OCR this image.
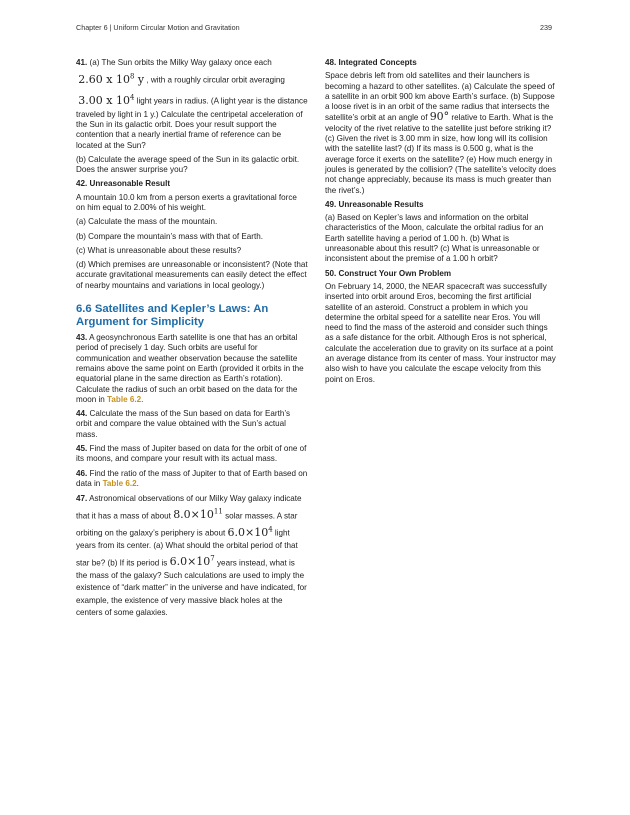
Chapter 6 | Uniform Circular Motion and Gravitation	239

41. (a) The Sun orbits the Milky Way galaxy once each
2.60 x $10^8$ y , with a roughly circular orbit averaging
3.00 x $10^4$ light years in radius. (A light year is the distance traveled by light in 1 y.) Calculate the centripetal acceleration of the Sun in its galactic orbit. Does your result support the contention that a nearly inertial frame of reference can be located at the Sun?

(b) Calculate the average speed of the Sun in its galactic orbit. Does the answer surprise you?

42. Unreasonable Result

A mountain 10.0 km from a person exerts a gravitational force on him equal to 2.00% of his weight.

(a) Calculate the mass of the mountain.

(b) Compare the mountain’s mass with that of Earth.

(c) What is unreasonable about these results?

(d) Which premises are unreasonable or inconsistent? (Note that accurate gravitational measurements can easily detect the effect of nearby mountains and variations in local geology.)

6.6 Satellites and Kepler’s Laws: An Argument for Simplicity

43. A geosynchronous Earth satellite is one that has an orbital period of precisely 1 day. Such orbits are useful for communication and weather observation because the satellite remains above the same point on Earth (provided it orbits in the equatorial plane in the same direction as Earth’s rotation). Calculate the radius of such an orbit based on the data for the moon in Table 6.2.

44. Calculate the mass of the Sun based on data for Earth’s orbit and compare the value obtained with the Sun’s actual mass.

45. Find the mass of Jupiter based on data for the orbit of one of its moons, and compare your result with its actual mass.

46. Find the ratio of the mass of Jupiter to that of Earth based on data in Table 6.2.

47. Astronomical observations of our Milky Way galaxy indicate that it has a mass of about $8.0\times 10^{11}$ solar masses. A star orbiting on the galaxy’s periphery is about $6.0\times 10^4$ light years from its center. (a) What should the orbital period of that star be? (b) If its period is $6.0\times 10^7$ years instead, what is the mass of the galaxy? Such calculations are used to imply the existence of “dark matter” in the universe and have indicated, for example, the existence of very massive black holes at the centers of some galaxies.

48. Integrated Concepts

Space debris left from old satellites and their launchers is becoming a hazard to other satellites. (a) Calculate the speed of a satellite in an orbit 900 km above Earth’s surface. (b) Suppose a loose rivet is in an orbit of the same radius that intersects the satellite’s orbit at an angle of 90° relative to Earth. What is the velocity of the rivet relative to the satellite just before striking it? (c) Given the rivet is 3.00 mm in size, how long will its collision with the satellite last? (d) If its mass is 0.500 g, what is the average force it exerts on the satellite? (e) How much energy in joules is generated by the collision? (The satellite’s velocity does not change appreciably, because its mass is much greater than the rivet’s.)

49. Unreasonable Results

(a) Based on Kepler’s laws and information on the orbital characteristics of the Moon, calculate the orbital radius for an Earth satellite having a period of 1.00 h. (b) What is unreasonable about this result? (c) What is unreasonable or inconsistent about the premise of a 1.00 h orbit?

50. Construct Your Own Problem

On February 14, 2000, the NEAR spacecraft was successfully inserted into orbit around Eros, becoming the first artificial satellite of an asteroid. Construct a problem in which you determine the orbital speed for a satellite near Eros. You will need to find the mass of the asteroid and consider such things as a safe distance for the orbit. Although Eros is not spherical, calculate the acceleration due to gravity on its surface at a point an average distance from its center of mass. Your instructor may also wish to have you calculate the escape velocity from this point on Eros.
